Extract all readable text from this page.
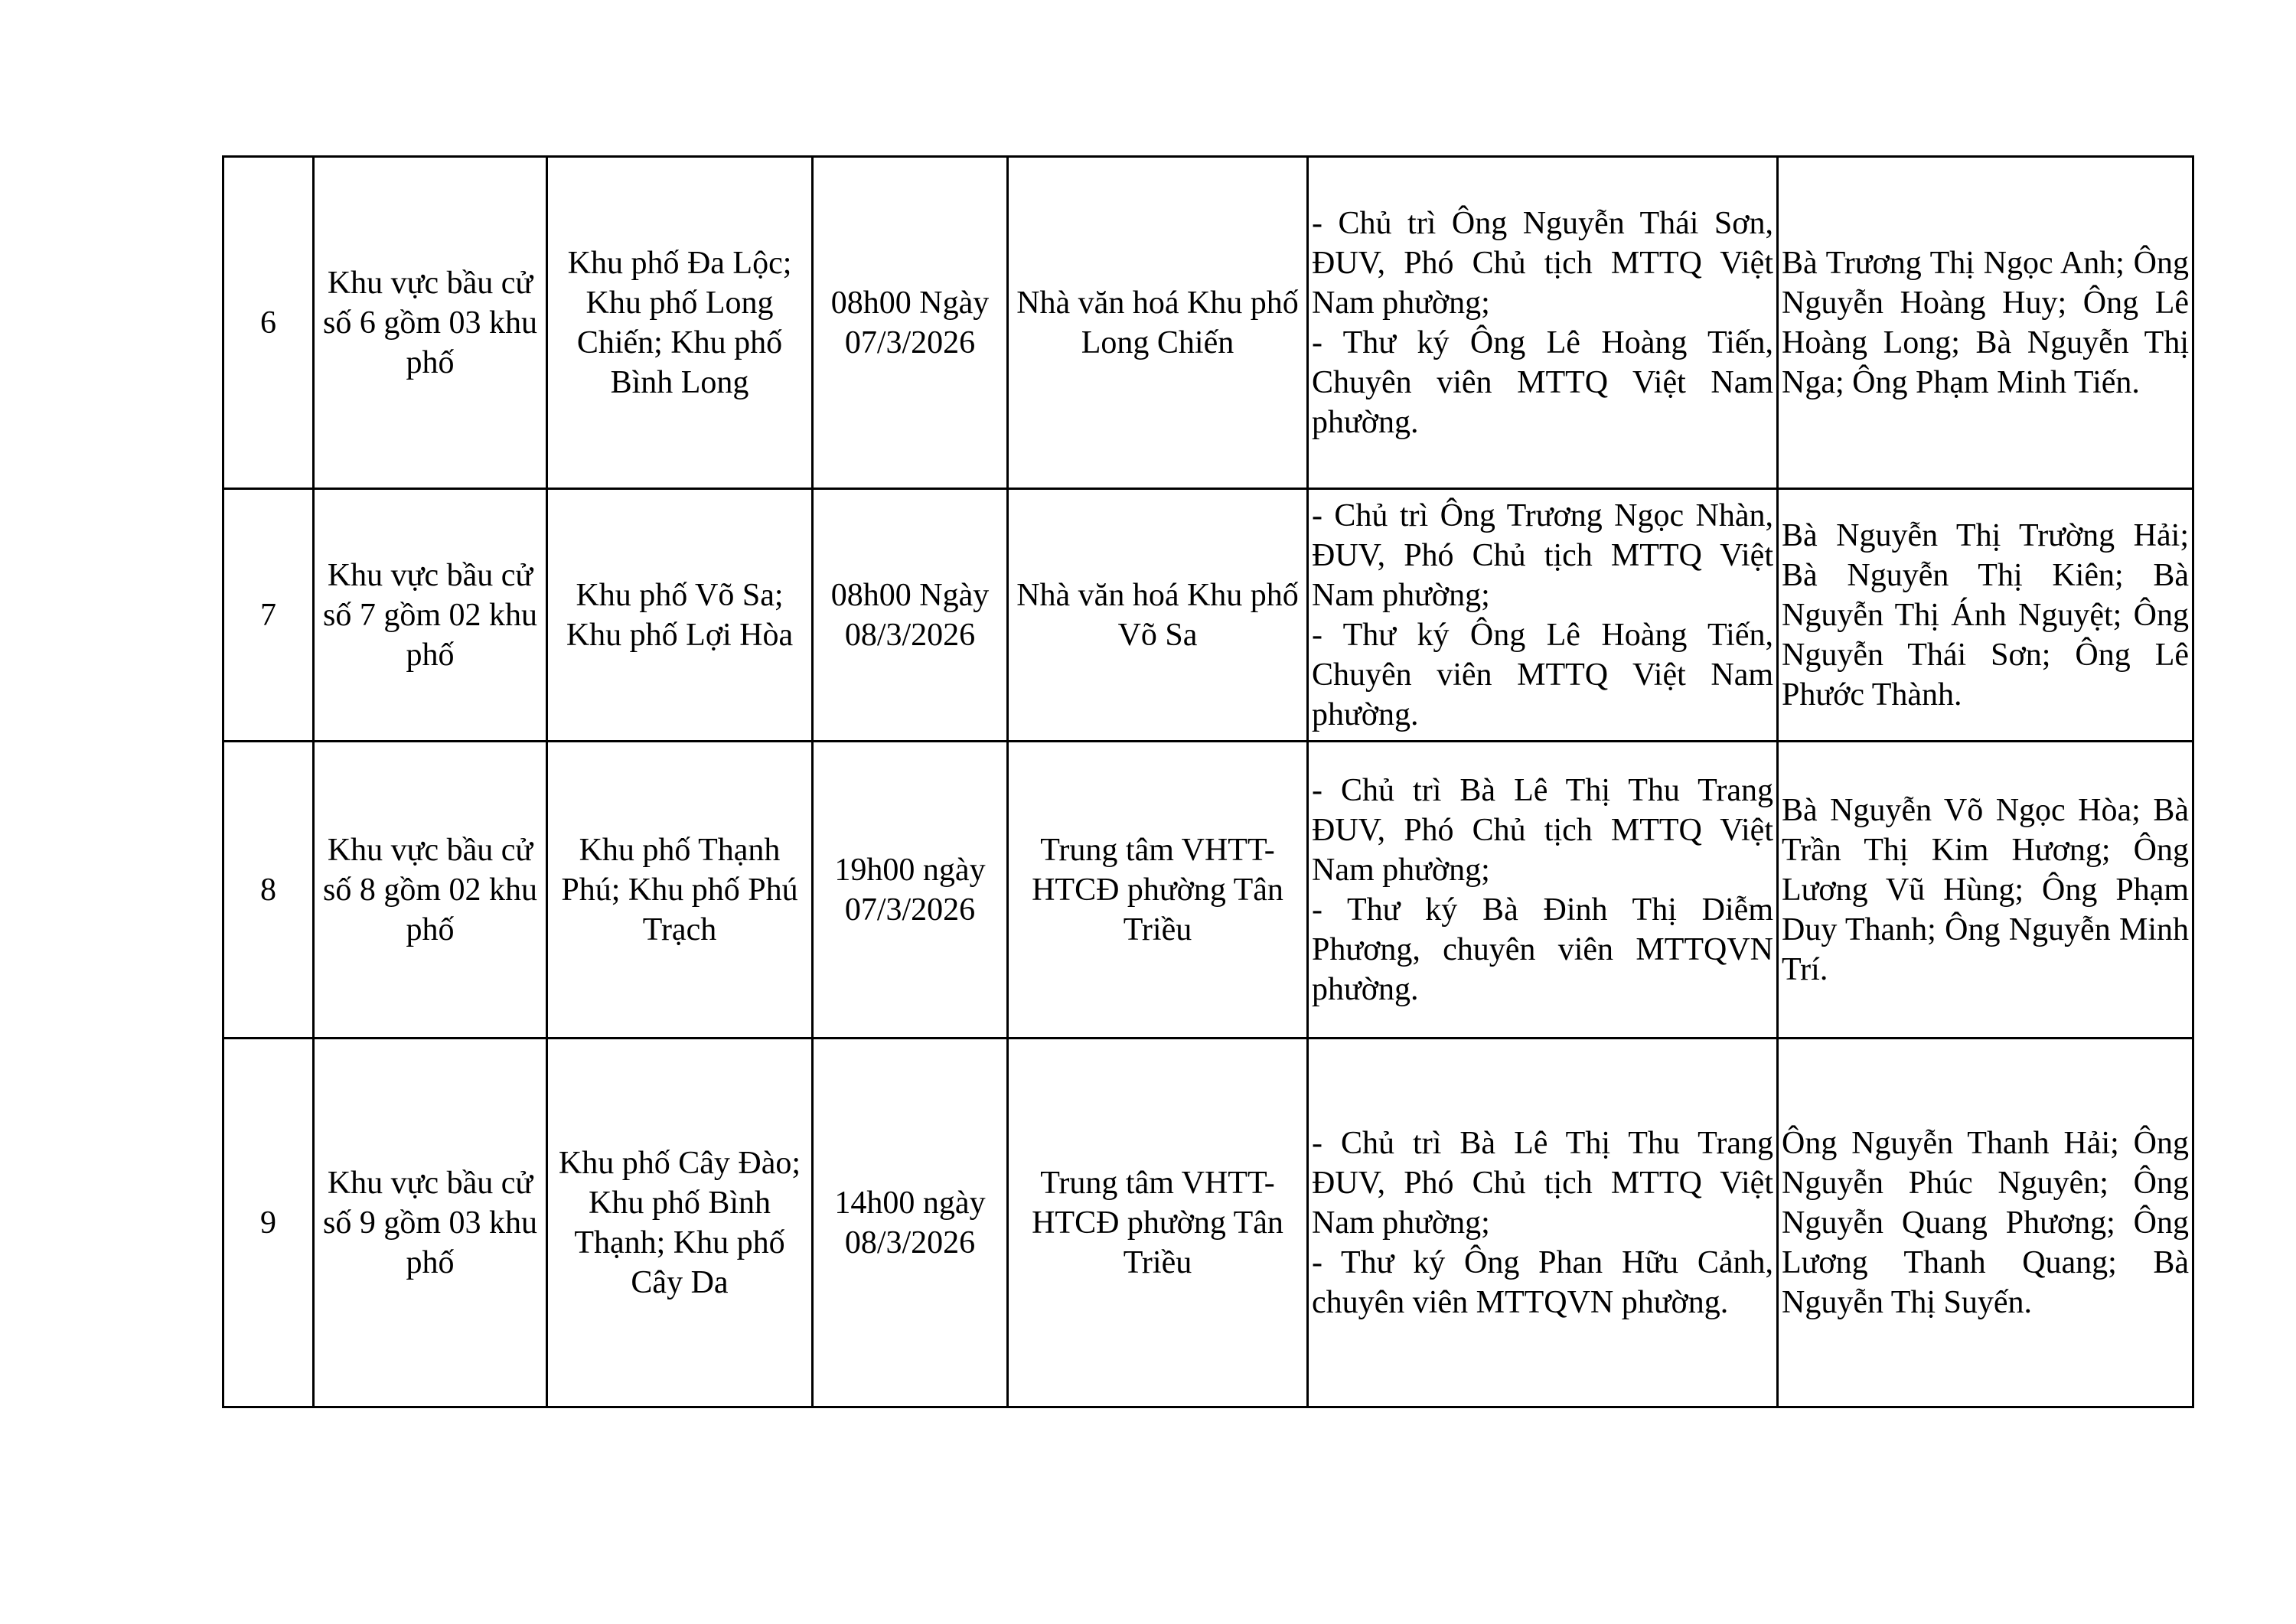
6	Khu vực bầu cử số 6 gồm 03 khu phố	Khu phố Đa Lộc; Khu phố Long Chiến; Khu phố Bình Long	08h00 Ngày 07/3/2026	Nhà văn hoá Khu phố Long Chiến	- Chủ trì Ông Nguyễn Thái Sơn, ĐUV, Phó Chủ tịch MTTQ Việt Nam phường;
- Thư ký Ông Lê Hoàng Tiến, Chuyên viên MTTQ Việt Nam phường.	Bà Trương Thị Ngọc Anh; Ông Nguyễn Hoàng Huy; Ông Lê Hoàng Long; Bà Nguyễn Thị Nga; Ông Phạm Minh Tiến.
7	Khu vực bầu cử số 7 gồm 02 khu phố	Khu phố Võ Sa; Khu phố Lợi Hòa	08h00 Ngày 08/3/2026	Nhà văn hoá Khu phố Võ Sa	- Chủ trì Ông Trương Ngọc Nhàn, ĐUV, Phó Chủ tịch MTTQ Việt Nam phường;
- Thư ký Ông Lê Hoàng Tiến, Chuyên viên MTTQ Việt Nam phường.	Bà Nguyễn Thị Trường Hải; Bà Nguyễn Thị Kiên; Bà Nguyễn Thị Ánh Nguyệt; Ông Nguyễn Thái Sơn; Ông Lê Phước Thành.
8	Khu vực bầu cử số 8 gồm 02 khu phố	Khu phố Thạnh Phú; Khu phố Phú Trạch	19h00 ngày 07/3/2026	Trung tâm VHTT-HTCĐ phường Tân Triều	- Chủ trì Bà Lê Thị Thu Trang ĐUV, Phó Chủ tịch MTTQ Việt Nam phường;
- Thư ký Bà Đinh Thị Diễm Phương, chuyên viên MTTQVN phường.	Bà Nguyễn Võ Ngọc Hòa; Bà Trần Thị Kim Hương; Ông Lương Vũ Hùng; Ông Phạm Duy Thanh; Ông Nguyễn Minh Trí.
9	Khu vực bầu cử số 9 gồm 03 khu phố	Khu phố Cây Đào; Khu phố Bình Thạnh; Khu phố Cây Da	14h00 ngày 08/3/2026	Trung tâm VHTT-HTCĐ phường Tân Triều	- Chủ trì Bà Lê Thị Thu Trang ĐUV, Phó Chủ tịch MTTQ Việt Nam phường;
- Thư ký Ông Phan Hữu Cảnh, chuyên viên MTTQVN phường.	Ông Nguyễn Thanh Hải; Ông Nguyễn Phúc Nguyên; Ông Nguyễn Quang Phương; Ông Lương Thanh Quang; Bà Nguyễn Thị Suyến.
